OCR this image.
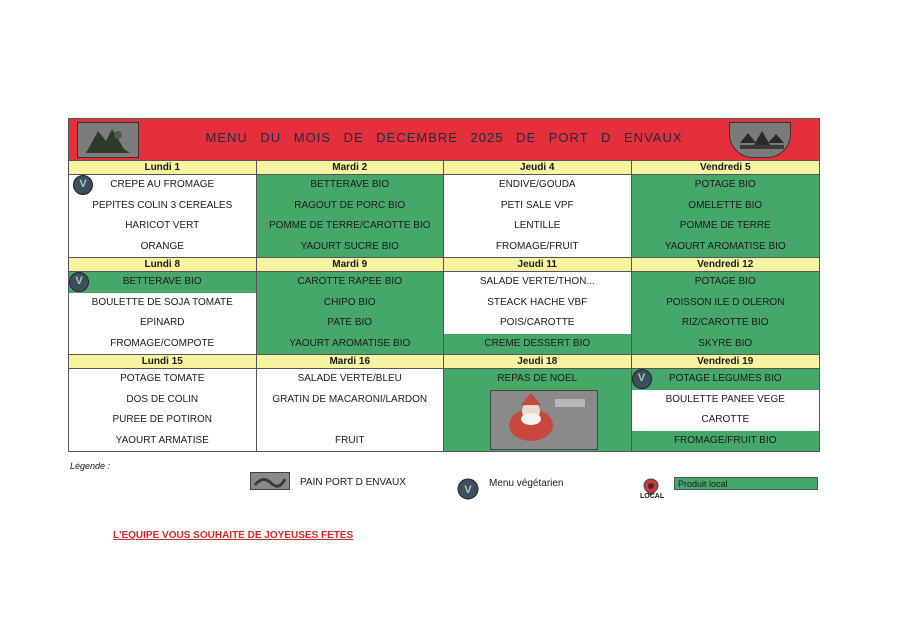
MENU DU MOIS DE DECEMBRE 2025 DE PORT D ENVAUX
Lundi 1	Mardi 2	Jeudi 4	Vendredi 5
V
CREPE AU FROMAGE
PEPITES COLIN 3 CEREALES
HARICOT VERT
ORANGE
BETTERAVE BIO
RAGOUT DE PORC BIO
POMME DE TERRE/CAROTTE BIO
YAOURT SUCRE BIO
ENDIVE/GOUDA
PETI SALE VPF
LENTILLE
FROMAGE/FRUIT
POTAGE BIO
OMELETTE BIO
POMME DE TERRE
YAOURT AROMATISE BIO
Lundi 8	Mardi 9	Jeudi 11	Vendredi 12
V
BETTERAVE BIO
BOULETTE DE SOJA TOMATE
EPINARD
FROMAGE/COMPOTE
CAROTTE RAPEE BIO
CHIPO BIO
PATE BIO
YAOURT AROMATISE BIO
SALADE VERTE/THON...
STEACK HACHE VBF
POIS/CAROTTE
CREME DESSERT BIO
POTAGE BIO
POISSON ILE D OLERON
RIZ/CAROTTE BIO
SKYRE BIO
Lundi 15	Mardi 16	Jeudi 18	Vendredi 19
POTAGE TOMATE
DOS DE COLIN
PUREE DE POTIRON
YAOURT ARMATISE
SALADE VERTE/BLEU
GRATIN DE MACARONI/LARDON
FRUIT
REPAS DE NOEL
V	POTAGE LEGUMES BIO
BOULETTE PANEE VEGE
CAROTTE
FROMAGE/FRUIT BIO
Légende :
PAIN PORT D ENVAUX
V
Menu végétarien
LOCAL
Produit local
L'EQUIPE VOUS SOUHAITE DE JOYEUSES FETES
